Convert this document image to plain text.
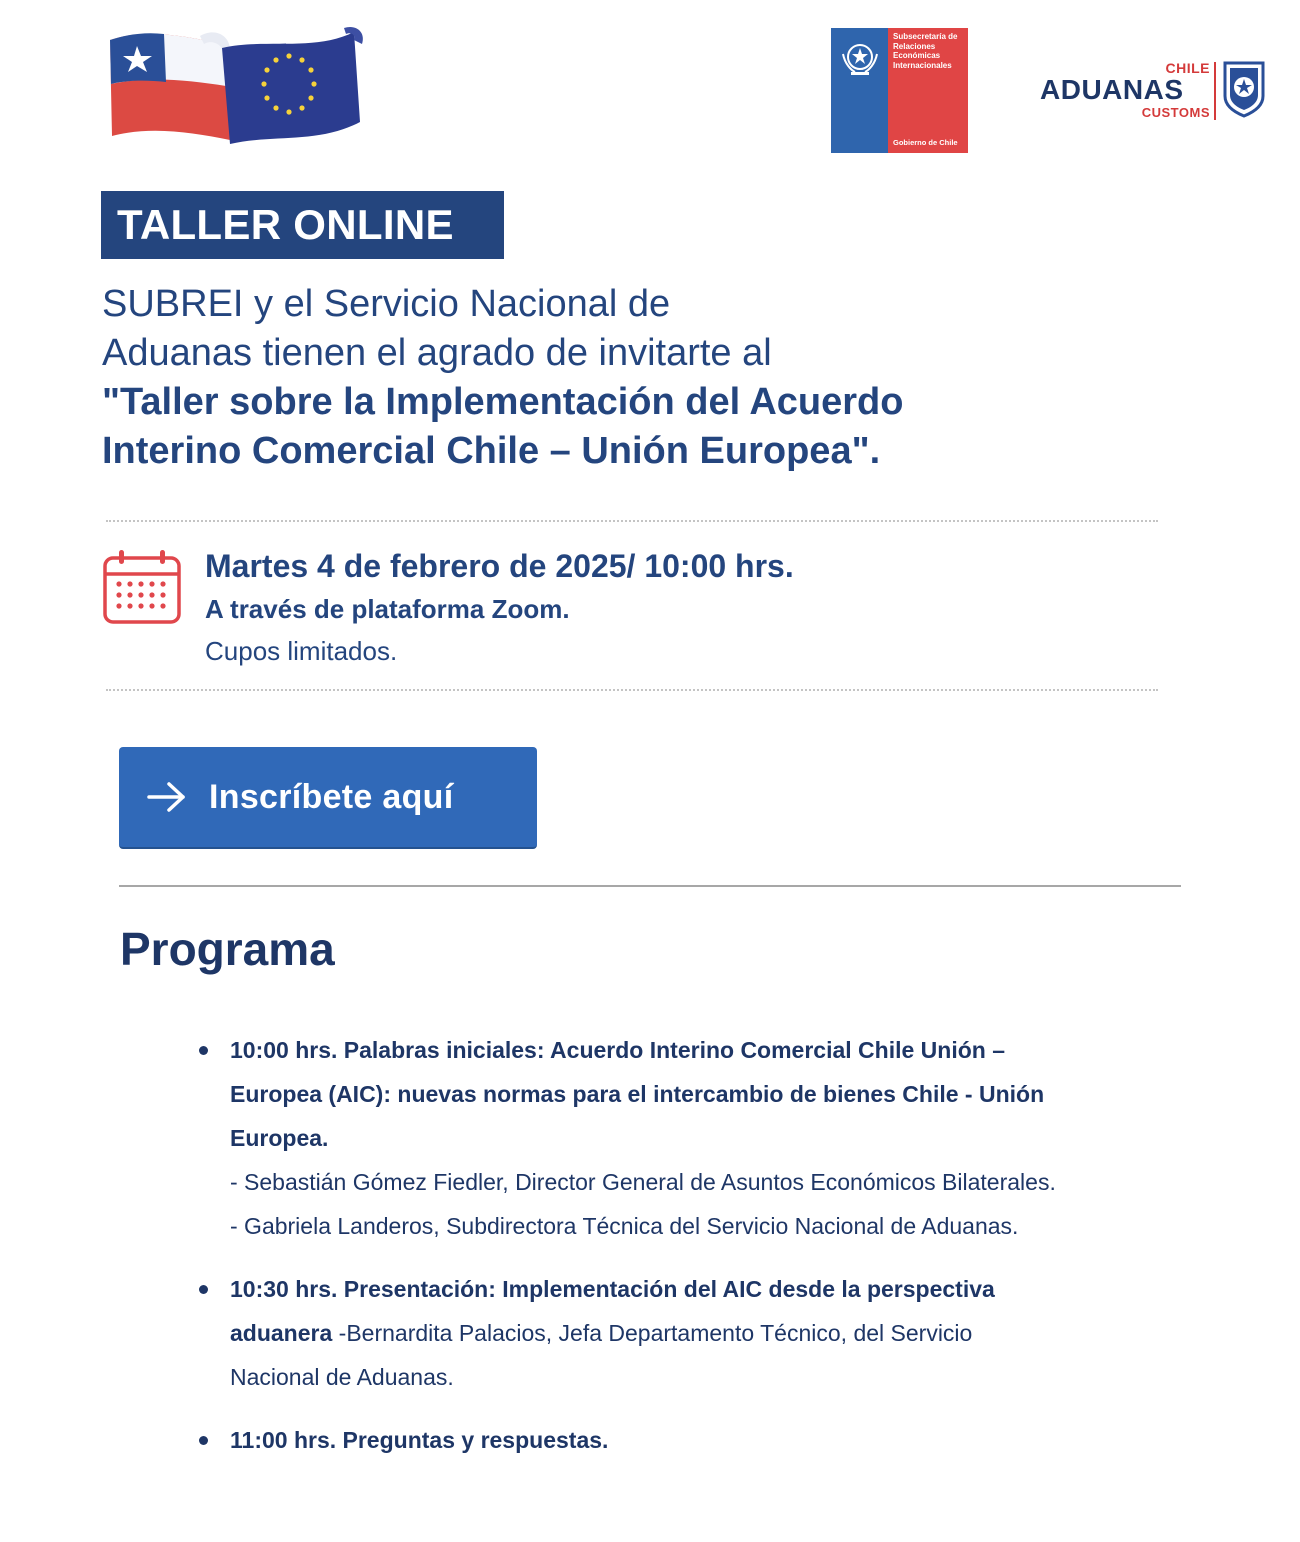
Subsecretaría de Relaciones Económicas Internacionales
Gobierno de Chile
CHILE
ADUANAS
CUSTOMS
TALLER ONLINE
SUBREI y el Servicio Nacional de
Aduanas tienen el agrado de invitarte al
"Taller sobre la Implementación del Acuerdo
Interino Comercial Chile – Unión Europea".
Martes 4 de febrero de 2025/ 10:00 hrs.
A través de plataforma Zoom.
Cupos limitados.
Inscríbete aquí
Programa
10:00 hrs. Palabras iniciales: Acuerdo Interino Comercial Chile Unión –
Europea (AIC): nuevas normas para el intercambio de bienes Chile - Unión
Europea.
- Sebastián Gómez Fiedler, Director General de Asuntos Económicos Bilaterales.
- Gabriela Landeros, Subdirectora Técnica del Servicio Nacional de Aduanas.
10:30 hrs. Presentación: Implementación del AIC desde la perspectiva
aduanera -Bernardita Palacios, Jefa Departamento Técnico, del Servicio
Nacional de Aduanas.
11:00 hrs. Preguntas y respuestas.
